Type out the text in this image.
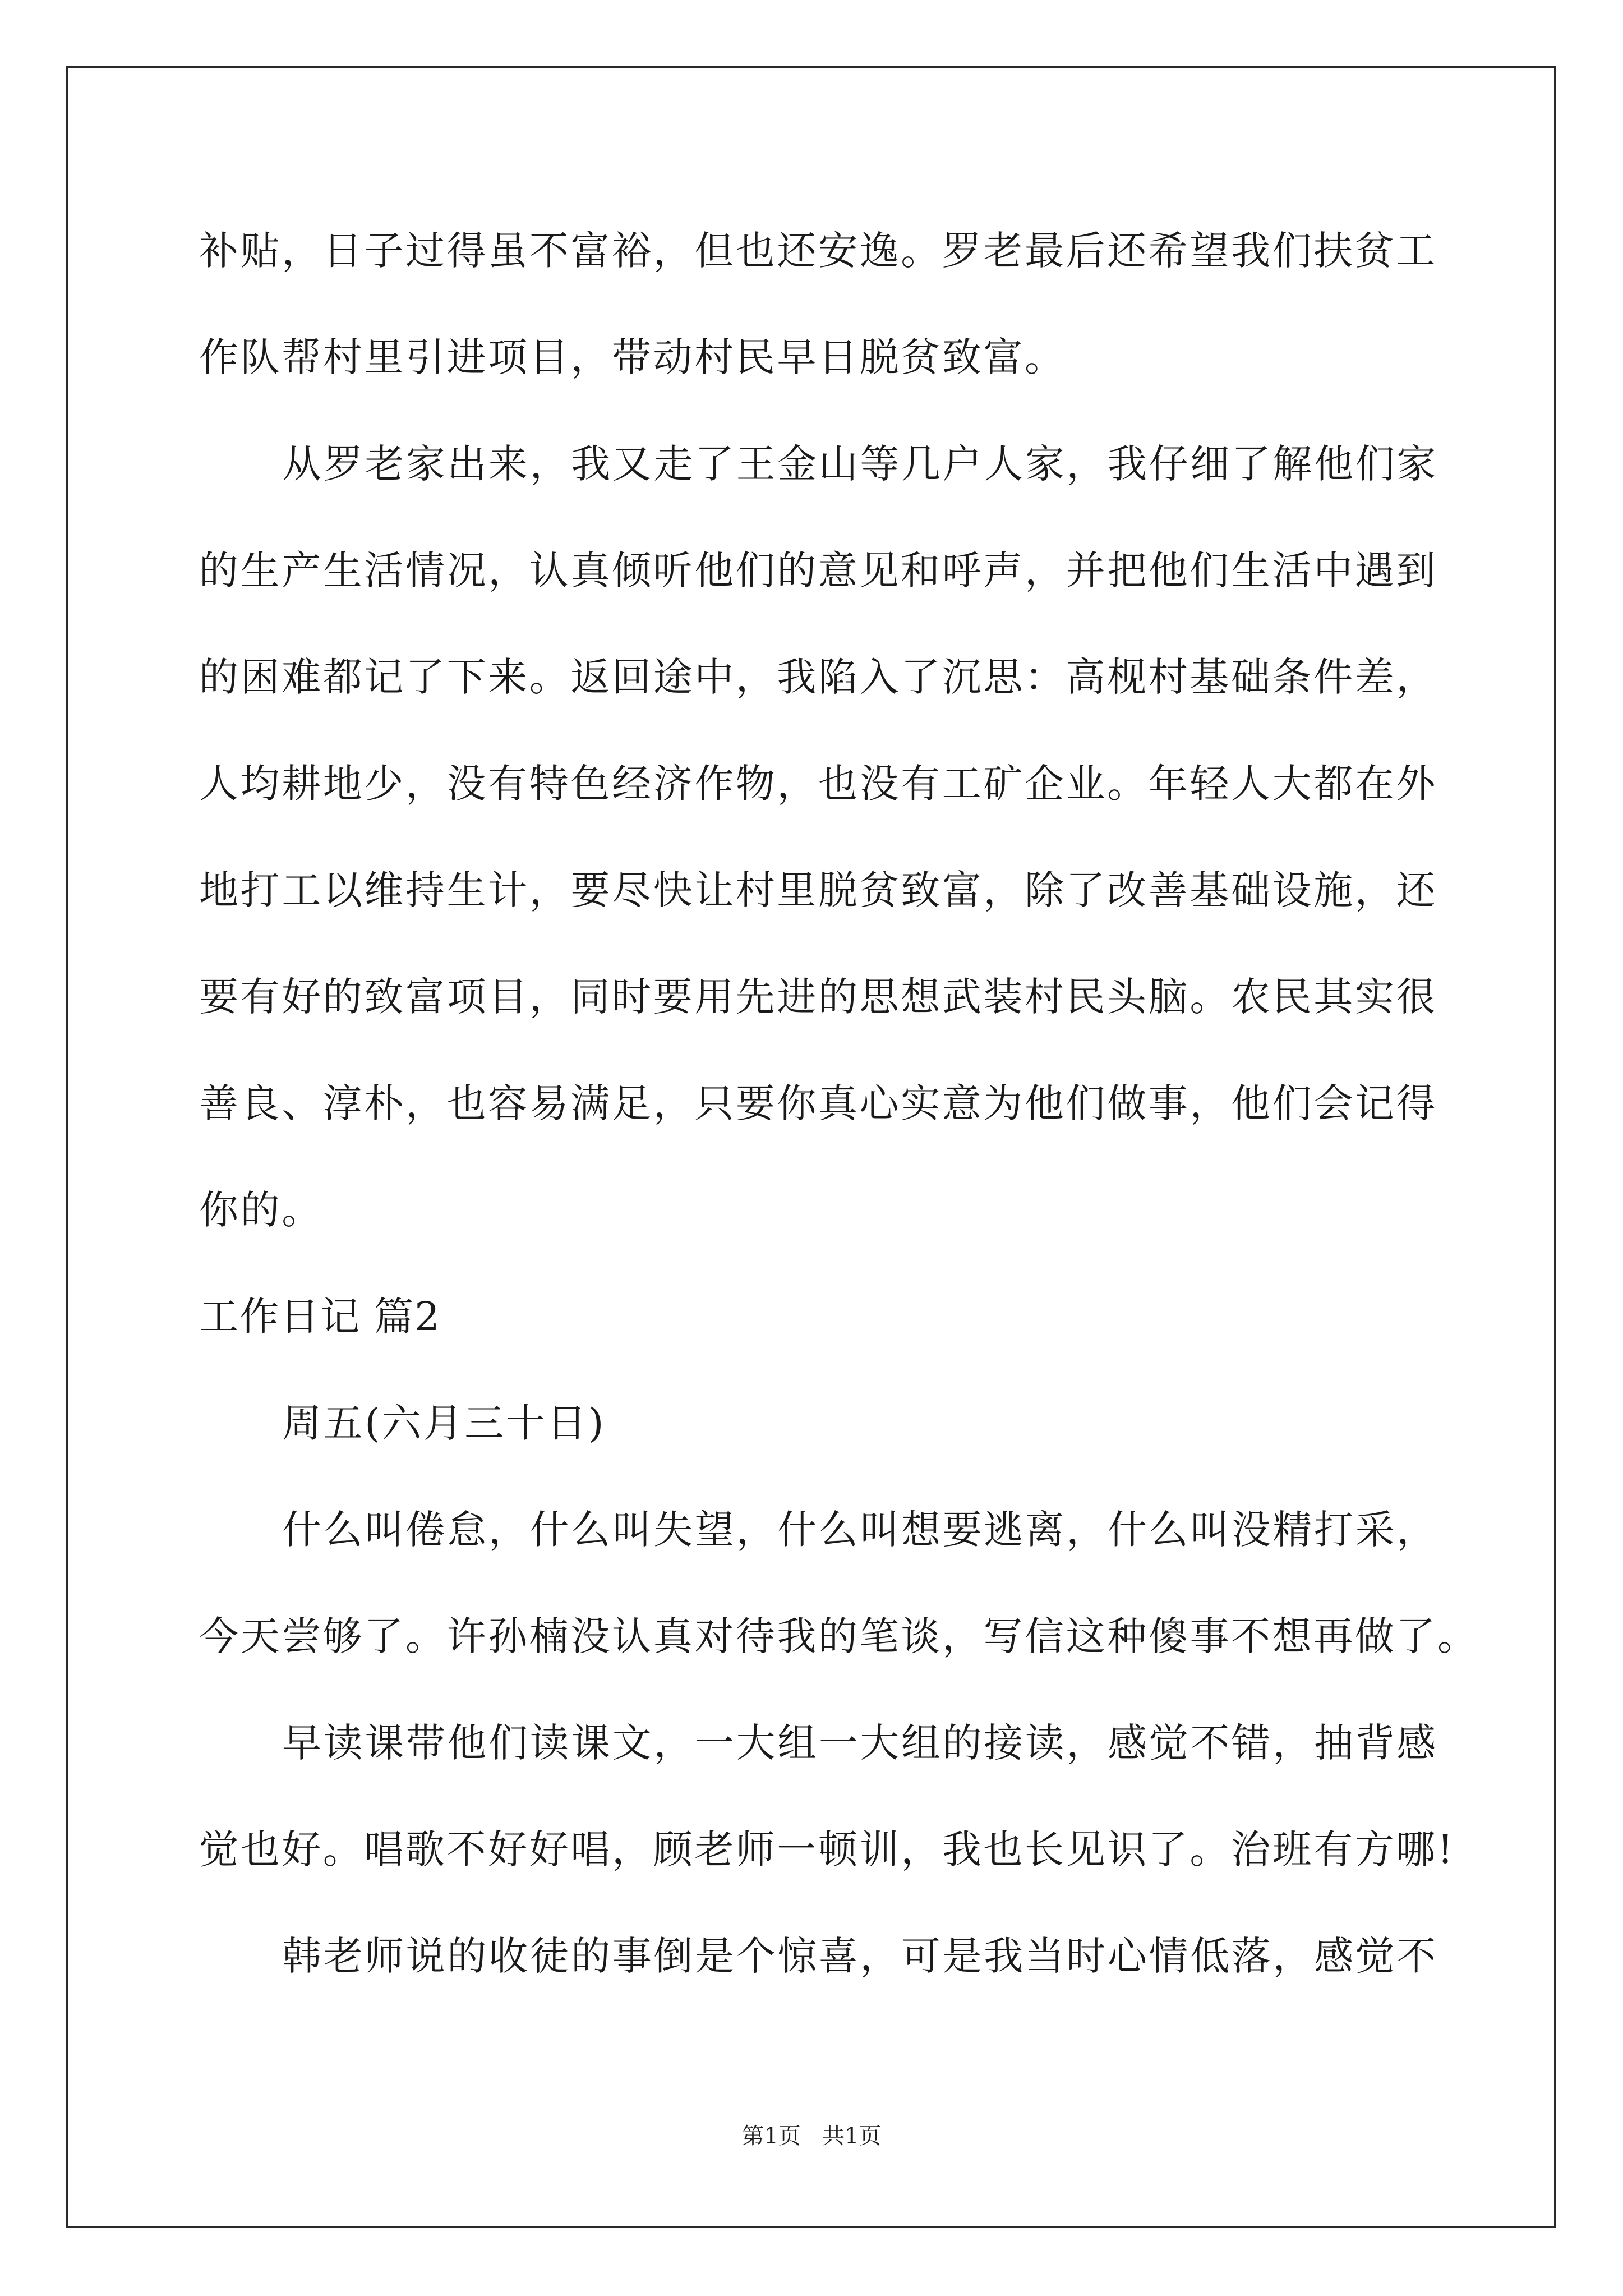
补贴，日子过得虽不富裕，但也还安逸。罗老最后还希望我们扶贫工
作队帮村里引进项目，带动村民早日脱贫致富。
从罗老家出来，我又走了王金山等几户人家，我仔细了解他们家
的生产生活情况，认真倾听他们的意见和呼声，并把他们生活中遇到
的困难都记了下来。返回途中，我陷入了沉思：高枧村基础条件差，
人均耕地少，没有特色经济作物，也没有工矿企业。年轻人大都在外
地打工以维持生计，要尽快让村里脱贫致富，除了改善基础设施，还
要有好的致富项目，同时要用先进的思想武装村民头脑。农民其实很
善良、淳朴，也容易满足，只要你真心实意为他们做事，他们会记得
你的。
工作日记 篇2
周五(六月三十日)
什么叫倦怠，什么叫失望，什么叫想要逃离，什么叫没精打采，
今天尝够了。许孙楠没认真对待我的笔谈，写信这种傻事不想再做了。
早读课带他们读课文，一大组一大组的接读，感觉不错，抽背感
觉也好。唱歌不好好唱，顾老师一顿训，我也长见识了。治班有方哪!
韩老师说的收徒的事倒是个惊喜，可是我当时心情低落，感觉不
第1页   共1页
